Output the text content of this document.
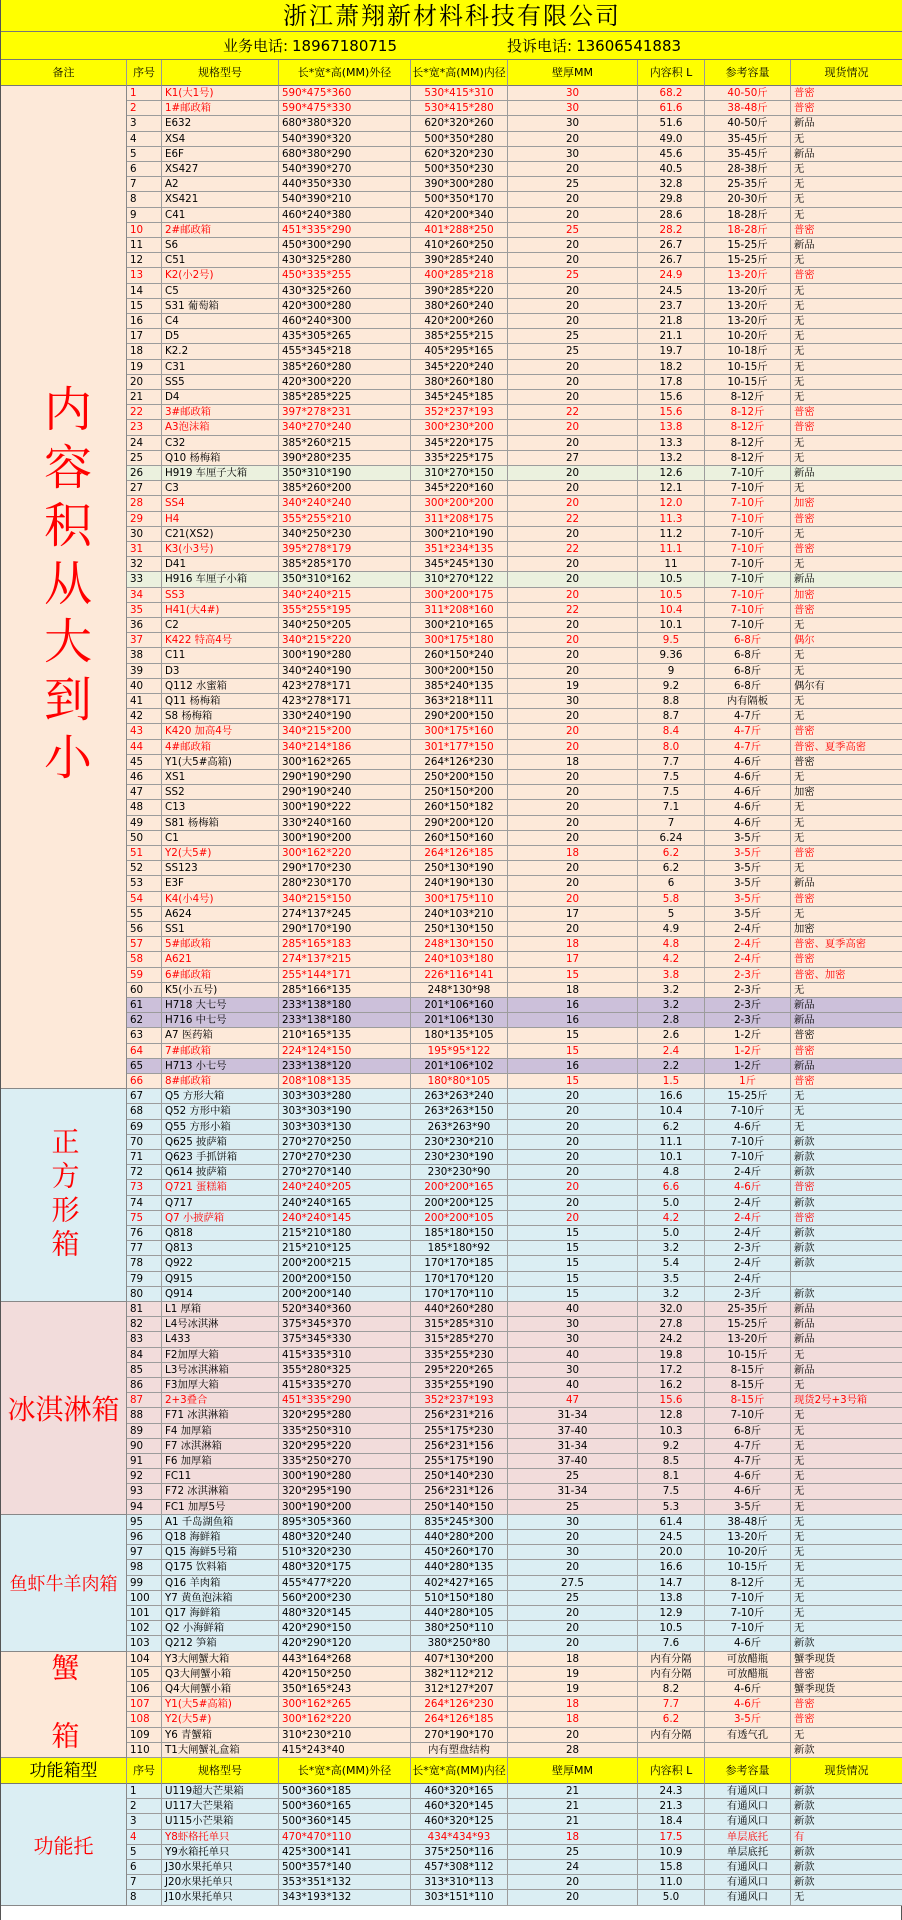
浙江萧翔新材料科技有限公司
业务电话: 18967180715	投诉电话: 13606541883
备注	序号	规格型号	长*宽*高(MM)外径	长*宽*高(MM)内径	壁厚MM	内容积 L	参考容量	现货情况
1	K1(大1号)	590*475*360	530*415*310	30	68.2	40-50斤	普密
2	1#邮政箱	590*475*330	530*415*280	30	61.6	38-48斤	普密
3	E632	680*380*320	620*320*260	30	51.6	40-50斤	新品
4	XS4	540*390*320	500*350*280	20	49.0	35-45斤	无
5	E6F	680*380*290	620*320*230	30	45.6	35-45斤	新品
6	XS427	540*390*270	500*350*230	20	40.5	28-38斤	无
7	A2	440*350*330	390*300*280	25	32.8	25-35斤	无
8	XS421	540*390*210	500*350*170	20	29.8	20-30斤	无
9	C41	460*240*380	420*200*340	20	28.6	18-28斤	无
10	2#邮政箱	451*335*290	401*288*250	25	28.2	18-28斤	普密
11	S6	450*300*290	410*260*250	20	26.7	15-25斤	新品
12	C51	430*325*280	390*285*240	20	26.7	15-25斤	无
13	K2(小2号)	450*335*255	400*285*218	25	24.9	13-20斤	普密
14	C5	430*325*260	390*285*220	20	24.5	13-20斤	无
15	S31 葡萄箱	420*300*280	380*260*240	20	23.7	13-20斤	无
16	C4	460*240*300	420*200*260	20	21.8	13-20斤	无
17	D5	435*305*265	385*255*215	25	21.1	10-20斤	无
18	K2.2	455*345*218	405*295*165	25	19.7	10-18斤	无
19	C31	385*260*280	345*220*240	20	18.2	10-15斤	无
20	SS5	420*300*220	380*260*180	20	17.8	10-15斤	无
21	D4	385*285*225	345*245*185	20	15.6	8-12斤	无
22	3#邮政箱	397*278*231	352*237*193	22	15.6	8-12斤	普密
23	A3泡沫箱	340*270*240	300*230*200	20	13.8	8-12斤	普密
24	C32	385*260*215	345*220*175	20	13.3	8-12斤	无
25	Q10 杨梅箱	390*280*235	335*225*175	27	13.2	8-12斤	无
26	H919 车厘子大箱	350*310*190	310*270*150	20	12.6	7-10斤	新品
27	C3	385*260*200	345*220*160	20	12.1	7-10斤	无
28	SS4	340*240*240	300*200*200	20	12.0	7-10斤	加密
29	H4	355*255*210	311*208*175	22	11.3	7-10斤	普密
30	C21(XS2)	340*250*230	300*210*190	20	11.2	7-10斤	无
31	K3(小3号)	395*278*179	351*234*135	22	11.1	7-10斤	普密
32	D41	385*285*170	345*245*130	20	11	7-10斤	无
33	H916 车厘子小箱	350*310*162	310*270*122	20	10.5	7-10斤	新品
34	SS3	340*240*215	300*200*175	20	10.5	7-10斤	加密
35	H41(大4#)	355*255*195	311*208*160	22	10.4	7-10斤	普密
36	C2	340*250*205	300*210*165	20	10.1	7-10斤	无
37	K422 特高4号	340*215*220	300*175*180	20	9.5	6-8斤	偶尔
38	C11	300*190*280	260*150*240	20	9.36	6-8斤	无
39	D3	340*240*190	300*200*150	20	9	6-8斤	无
40	Q112 水蜜箱	423*278*171	385*240*135	19	9.2	6-8斤	偶尔有
41	Q11 杨梅箱	423*278*171	363*218*111	30	8.8	内有隔板	无
42	S8 杨梅箱	330*240*190	290*200*150	20	8.7	4-7斤	无
43	K420 加高4号	340*215*200	300*175*160	20	8.4	4-7斤	普密
44	4#邮政箱	340*214*186	301*177*150	20	8.0	4-7斤	普密、夏季高密
45	Y1(大5#高箱)	300*162*265	264*126*230	18	7.7	4-6斤	普密
46	XS1	290*190*290	250*200*150	20	7.5	4-6斤	无
47	SS2	290*190*240	250*150*200	20	7.5	4-6斤	加密
48	C13	300*190*222	260*150*182	20	7.1	4-6斤	无
49	S81 杨梅箱	330*240*160	290*200*120	20	7	4-6斤	无
50	C1	300*190*200	260*150*160	20	6.24	3-5斤	无
51	Y2(大5#)	300*162*220	264*126*185	18	6.2	3-5斤	普密
52	SS123	290*170*230	250*130*190	20	6.2	3-5斤	无
53	E3F	280*230*170	240*190*130	20	6	3-5斤	新品
54	K4(小4号)	340*215*150	300*175*110	20	5.8	3-5斤	普密
55	A624	274*137*245	240*103*210	17	5	3-5斤	无
56	SS1	290*170*190	250*130*150	20	4.9	2-4斤	加密
57	5#邮政箱	285*165*183	248*130*150	18	4.8	2-4斤	普密、夏季高密
58	A621	274*137*215	240*103*180	17	4.2	2-4斤	普密
59	6#邮政箱	255*144*171	226*116*141	15	3.8	2-3斤	普密、加密
60	K5(小五号)	285*166*135	248*130*98	18	3.2	2-3斤	无
61	H718 大七号	233*138*180	201*106*160	16	3.2	2-3斤	新品
62	H716 中七号	233*138*180	201*106*130	16	2.8	2-3斤	新品
63	A7 医药箱	210*165*135	180*135*105	15	2.6	1-2斤	普密
64	7#邮政箱	224*124*150	195*95*122	15	2.4	1-2斤	普密
65	H713 小七号	233*138*120	201*106*102	16	2.2	1-2斤	新品
66	8#邮政箱	208*108*135	180*80*105	15	1.5	1斤	普密
67	Q5 方形大箱	303*303*280	263*263*240	20	16.6	15-25斤	无
68	Q52 方形中箱	303*303*190	263*263*150	20	10.4	7-10斤	无
69	Q55 方形小箱	303*303*130	263*263*90	20	6.2	4-6斤	无
70	Q625 披萨箱	270*270*250	230*230*210	20	11.1	7-10斤	新款
71	Q623 手抓饼箱	270*270*230	230*230*190	20	10.1	7-10斤	新款
72	Q614 披萨箱	270*270*140	230*230*90	20	4.8	2-4斤	新款
73	Q721 蛋糕箱	240*240*205	200*200*165	20	6.6	4-6斤	普密
74	Q717	240*240*165	200*200*125	20	5.0	2-4斤	新款
75	Q7 小披萨箱	240*240*145	200*200*105	20	4.2	2-4斤	普密
76	Q818	215*210*180	185*180*150	15	5.0	2-4斤	新款
77	Q813	215*210*125	185*180*92	15	3.2	2-3斤	新款
78	Q922	200*200*215	170*170*185	15	5.4	2-4斤	新款
79	Q915	200*200*150	170*170*120	15	3.5	2-4斤
80	Q914	200*200*140	170*170*110	15	3.2	2-3斤	新款
81	L1 厚箱	520*340*360	440*260*280	40	32.0	25-35斤	新品
82	L4号冰淇淋	375*345*370	315*285*310	30	27.8	15-25斤	新品
83	L433	375*345*330	315*285*270	30	24.2	13-20斤	新品
84	F2加厚大箱	415*335*310	335*255*230	40	19.8	10-15斤	无
85	L3号冰淇淋箱	355*280*325	295*220*265	30	17.2	8-15斤	新品
86	F3加厚大箱	415*335*270	335*255*190	40	16.2	8-15斤	无
87	2+3叠合	451*335*290	352*237*193	47	15.6	8-15斤	现货2号+3号箱
88	F71 冰淇淋箱	320*295*280	256*231*216	31-34	12.8	7-10斤	无
89	F4 加厚箱	335*250*310	255*175*230	37-40	10.3	6-8斤	无
90	F7 冰淇淋箱	320*295*220	256*231*156	31-34	9.2	4-7斤	无
91	F6 加厚箱	335*250*270	255*175*190	37-40	8.5	4-7斤	无
92	FC11	300*190*280	250*140*230	25	8.1	4-6斤	无
93	F72 冰淇淋箱	320*295*190	256*231*126	31-34	7.5	4-6斤	无
94	FC1 加厚5号	300*190*200	250*140*150	25	5.3	3-5斤	无
95	A1 千岛湖鱼箱	895*305*360	835*245*300	30	61.4	38-48斤	无
96	Q18 海鲜箱	480*320*240	440*280*200	20	24.5	13-20斤	无
97	Q15 海鲜5号箱	510*320*230	450*260*170	30	20.0	10-20斤	无
98	Q175 饮料箱	480*320*175	440*280*135	20	16.6	10-15斤	无
99	Q16 羊肉箱	455*477*220	402*427*165	27.5	14.7	8-12斤	无
100	Y7 黄鱼泡沫箱	560*200*230	510*150*180	25	13.8	7-10斤	无
101	Q17 海鲜箱	480*320*145	440*280*105	20	12.9	7-10斤	无
102	Q2 小海鲜箱	420*290*150	380*250*110	20	10.5	7-10斤	无
103	Q212 笋箱	420*290*120	380*250*80	20	7.6	4-6斤	新款
104	Y3大闸蟹大箱	443*164*268	407*130*200	18	内有分隔	可放醋瓶	蟹季现货
105	Q3大闸蟹小箱	420*150*250	382*112*212	19	内有分隔	可放醋瓶	普密
106	Q4大闸蟹小箱	350*165*243	312*127*207	19	8.2	4-6斤	蟹季现货
107	Y1(大5#高箱)	300*162*265	264*126*230	18	7.7	4-6斤	普密
108	Y2(大5#)	300*162*220	264*126*185	18	6.2	3-5斤	普密
109	Y6 青蟹箱	310*230*210	270*190*170	20	内有分隔	有透气孔	无
110	T1大闸蟹礼盒箱	415*243*40	内有塑盘结构	28	新款
内容积从大到小
正方形箱
冰淇淋箱
鱼虾牛羊肉箱
蟹　箱
功能箱型	序号	规格型号	长*宽*高(MM)外径	长*宽*高(MM)内径	壁厚MM	内容积 L	参考容量	现货情况
1	U119超大芒果箱	500*360*185	460*320*165	21	24.3	有通风口	新款
2	U117大芒果箱	500*360*165	460*320*145	21	21.3	有通风口	新款
3	U115小芒果箱	500*360*145	460*320*125	21	18.4	有通风口	新款
4	Y8虾格托单只	470*470*110	434*434*93	18	17.5	单层底托	有
5	Y9水箱托单只	425*300*141	375*250*116	25	10.9	单层底托	新款
6	J30水果托单只	500*357*140	457*308*112	24	15.8	有通风口	新款
7	J20水果托单只	353*351*132	313*310*113	20	11.0	有通风口	新款
8	J10水果托单只	343*193*132	303*151*110	20	5.0	有通风口	无
功能托
